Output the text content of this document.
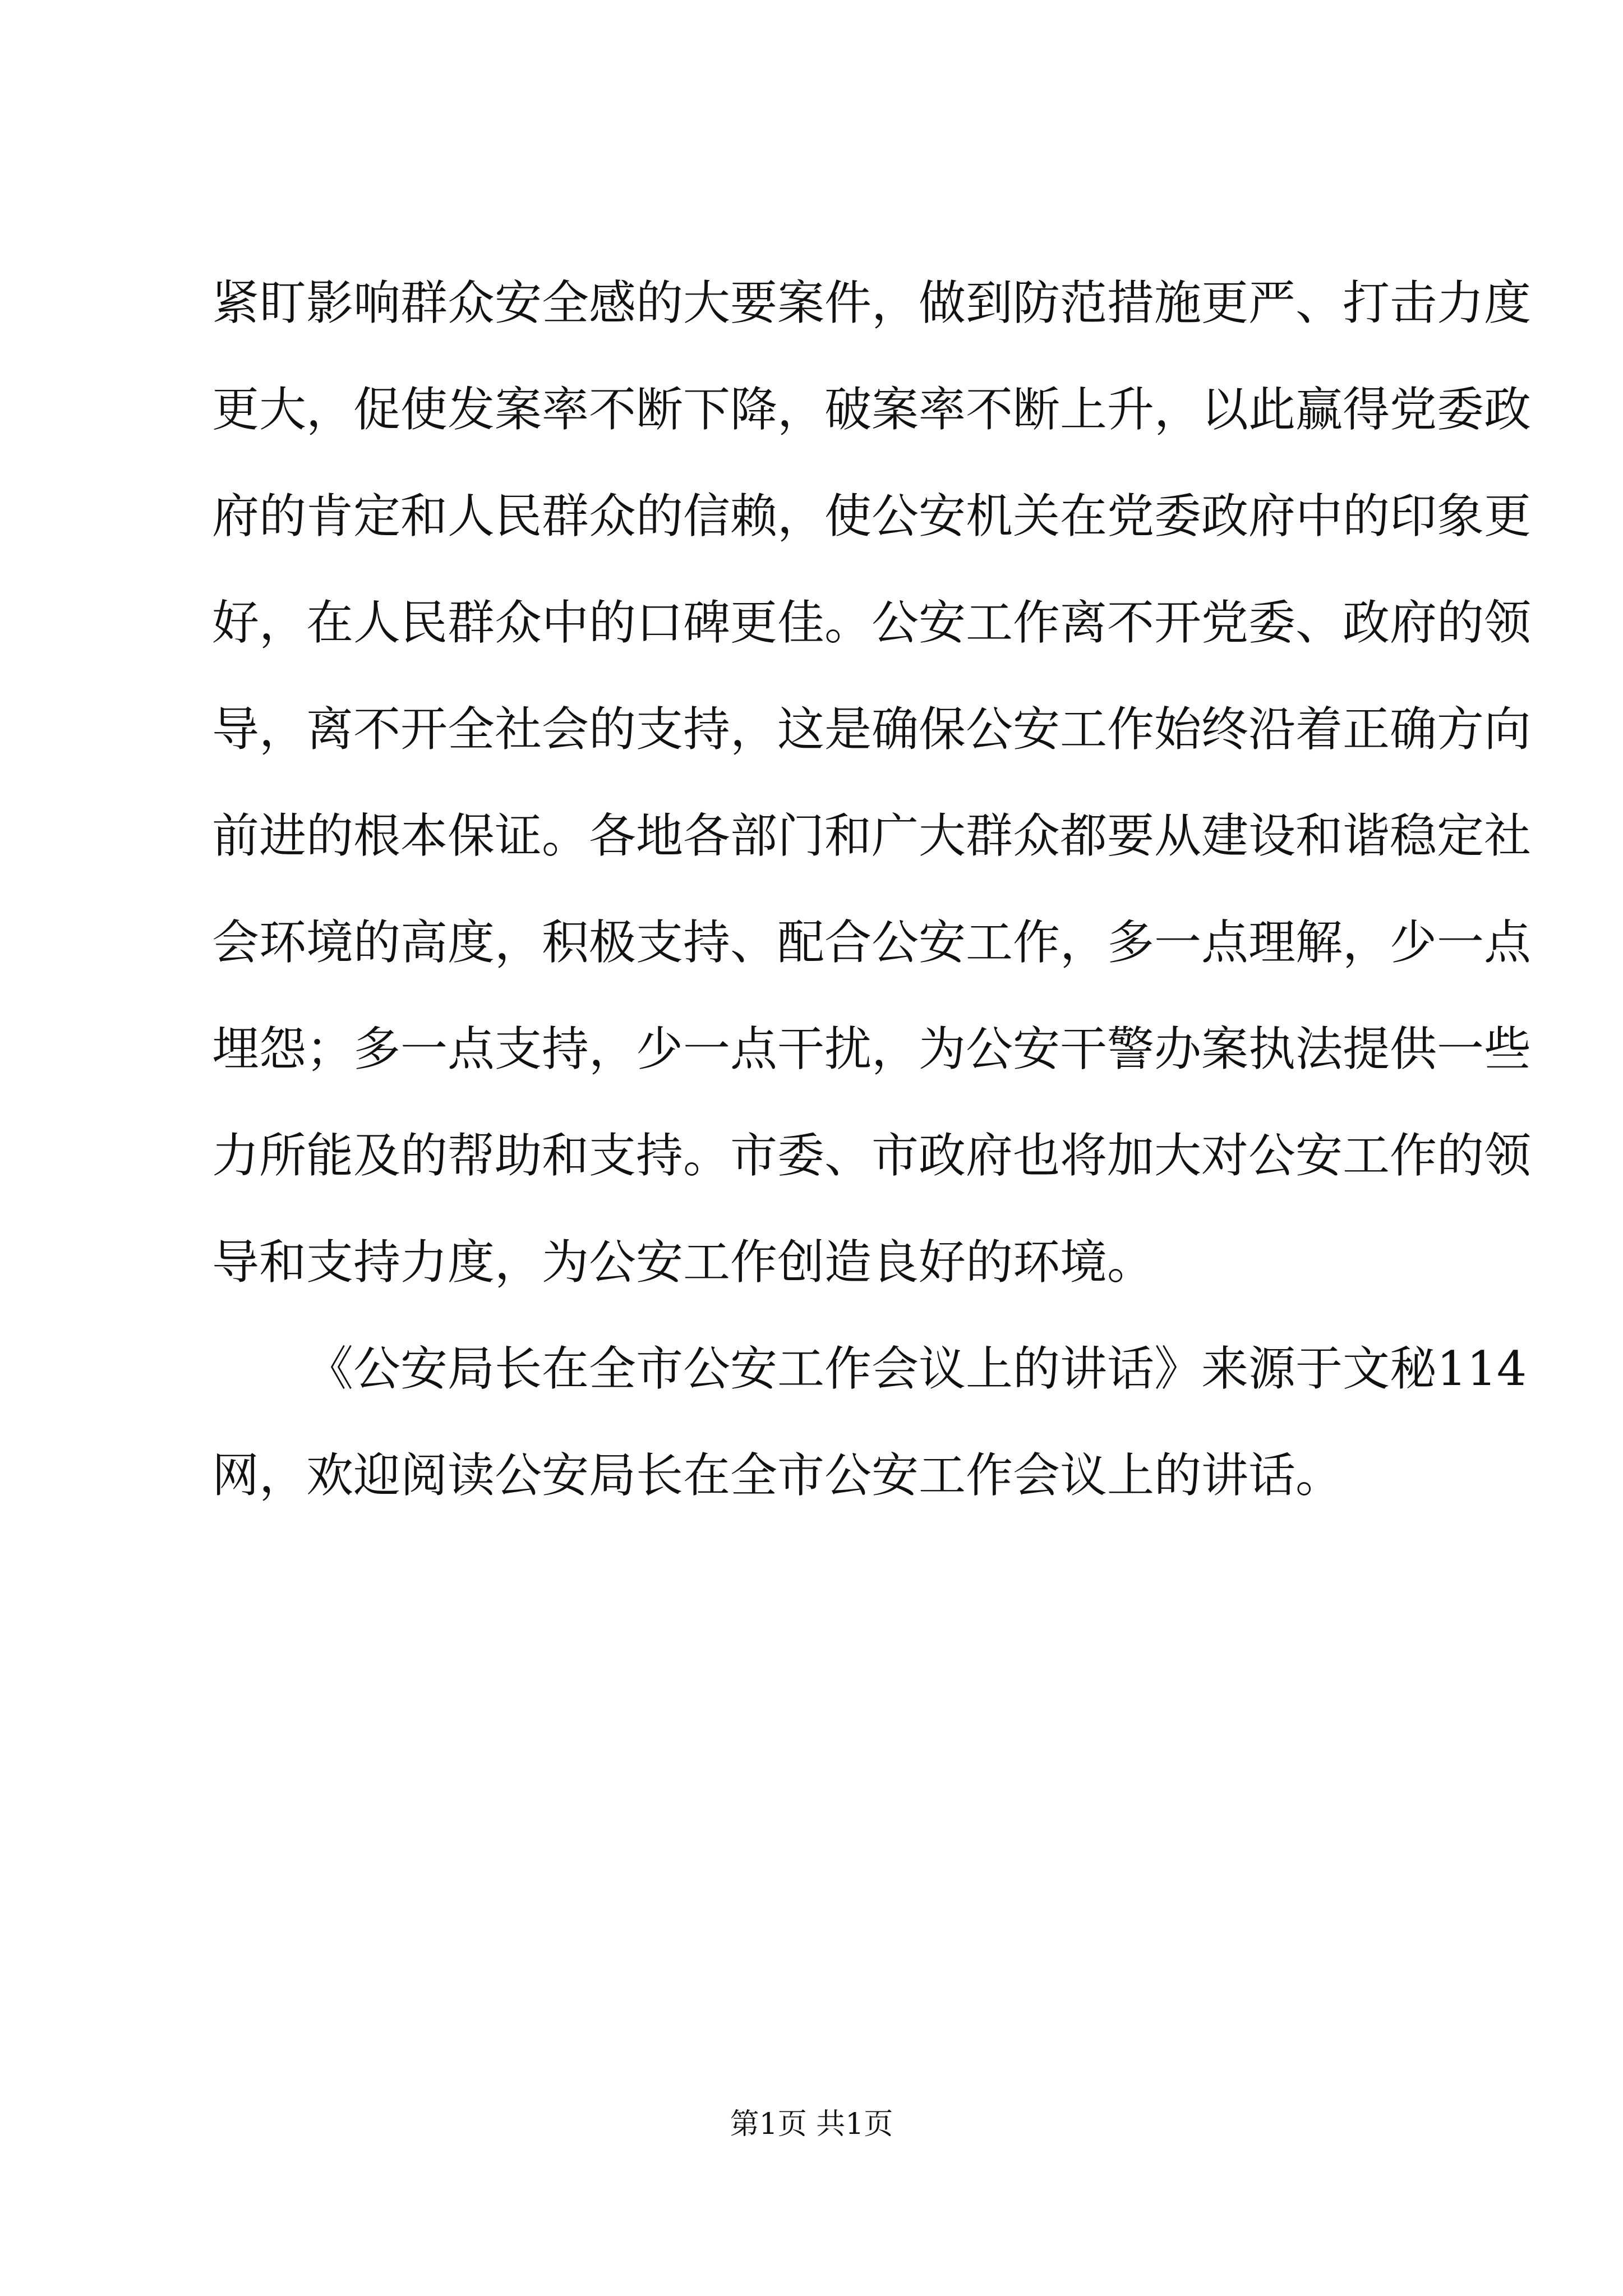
紧盯影响群众安全感的大要案件，做到防范措施更严、打击力度
更大，促使发案率不断下降，破案率不断上升，以此赢得党委政
府的肯定和人民群众的信赖，使公安机关在党委政府中的印象更
好，在人民群众中的口碑更佳。公安工作离不开党委、政府的领
导，离不开全社会的支持，这是确保公安工作始终沿着正确方向
前进的根本保证。各地各部门和广大群众都要从建设和谐稳定社
会环境的高度，积极支持、配合公安工作，多一点理解，少一点
埋怨；多一点支持，少一点干扰，为公安干警办案执法提供一些
力所能及的帮助和支持。市委、市政府也将加大对公安工作的领
导和支持力度，为公安工作创造良好的环境。
《公安局长在全市公安工作会议上的讲话》来源于文秘114
网，欢迎阅读公安局长在全市公安工作会议上的讲话。
第1页 共1页
